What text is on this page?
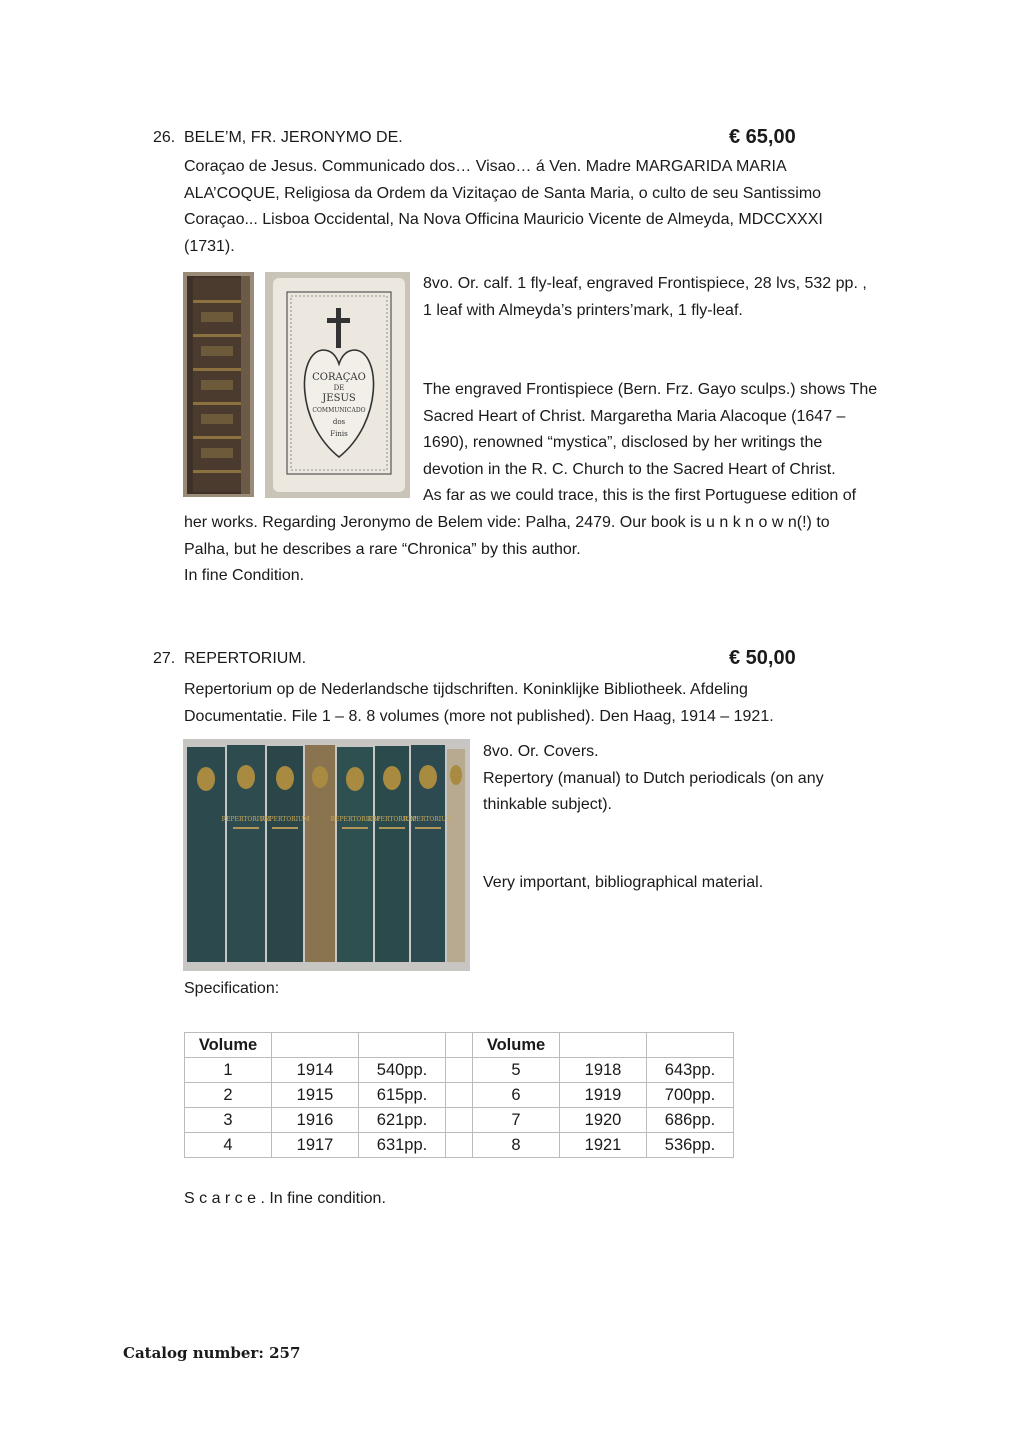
26. BELE’M, FR. JERONYMO DE.	€ 65,00
Coraçao de Jesus. Communicado dos… Visao… á Ven. Madre MARGARIDA MARIA
ALA’COQUE, Religiosa da Ordem da Vizitaçao de Santa Maria, o culto de seu Santissimo
Coraçao... Lisboa Occidental, Na Nova Officina Mauricio Vicente de Almeyda, MDCCXXXI
(1731).
CORAÇAO
DE
JESUS
COMMUNICADO
dos
Finis
8vo. Or. calf. 1 fly-leaf, engraved Frontispiece, 28 lvs, 532 pp. ,
1 leaf with Almeyda’s printers’mark, 1 fly-leaf.
The engraved Frontispiece (Bern. Frz. Gayo sculps.) shows The
Sacred Heart of Christ. Margaretha Maria Alacoque (1647 –
1690), renowned “mystica”, disclosed by her writings the
devotion in the R. C. Church to the Sacred Heart of Christ.
As far as we could trace, this is the first Portuguese edition of
her works. Regarding Jeronymo de Belem vide: Palha, 2479. Our book is u n k n o w n(!) to
Palha, but he describes a rare “Chronica” by this author.
In fine Condition.
27. REPERTORIUM.	€ 50,00
Repertorium op de Nederlandsche tijdschriften. Koninklijke Bibliotheek. Afdeling
Documentatie. File 1 – 8. 8 volumes (more not published). Den Haag, 1914 – 1921.
REPERTORIUM
REPERTORIUM	REPERTORIUM
REPERTORIUM
REPERTORIUM
8vo. Or. Covers.
Repertory (manual) to Dutch periodicals (on any
thinkable subject).
Very important, bibliographical material.
Specification:
Volume				Volume		
1	1914	540pp.		5	1918	643pp.
2	1915	615pp.		6	1919	700pp.
3	1916	621pp.		7	1920	686pp.
4	1917	631pp.		8	1921	536pp.
S c a r c e . In fine condition.
Catalog number: 257
